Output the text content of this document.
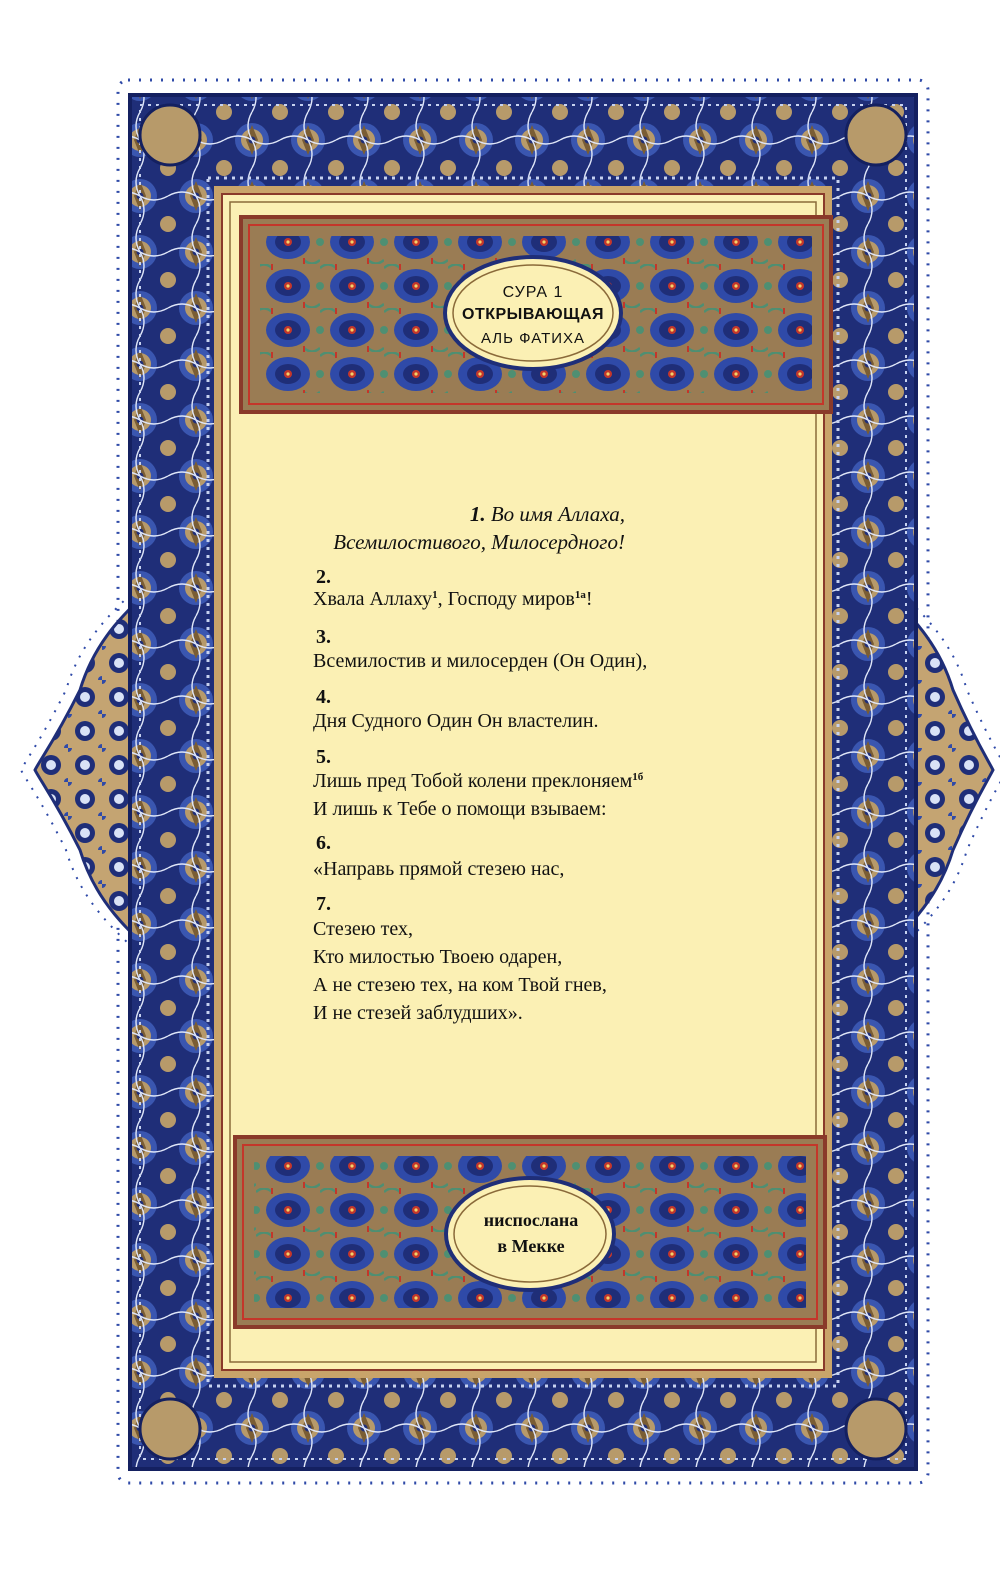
СУРА 1
ОТКРЫВАЮЩАЯ
АЛЬ ФАТИХА
1. Во имя Аллаха,
Всемилостивого, Милосердного!
2.
Хвала Аллаху$^1$, Господу миров$^{1а}$!
3.
Всемилостив и милосерден (Он Один),
4.
Дня Судного Один Он властелин.
5.
Лишь пред Тобой колени преклоняем$^{1б}$
И лишь к Тебе о помощи взываем:
6.
«Направь прямой стезею нас,
7.
Стезею тех,
Кто милостью Твоею одарен,
А не стезею тех, на ком Твой гнев,
И не стезей заблудших».
ниспослана
в Мекке
